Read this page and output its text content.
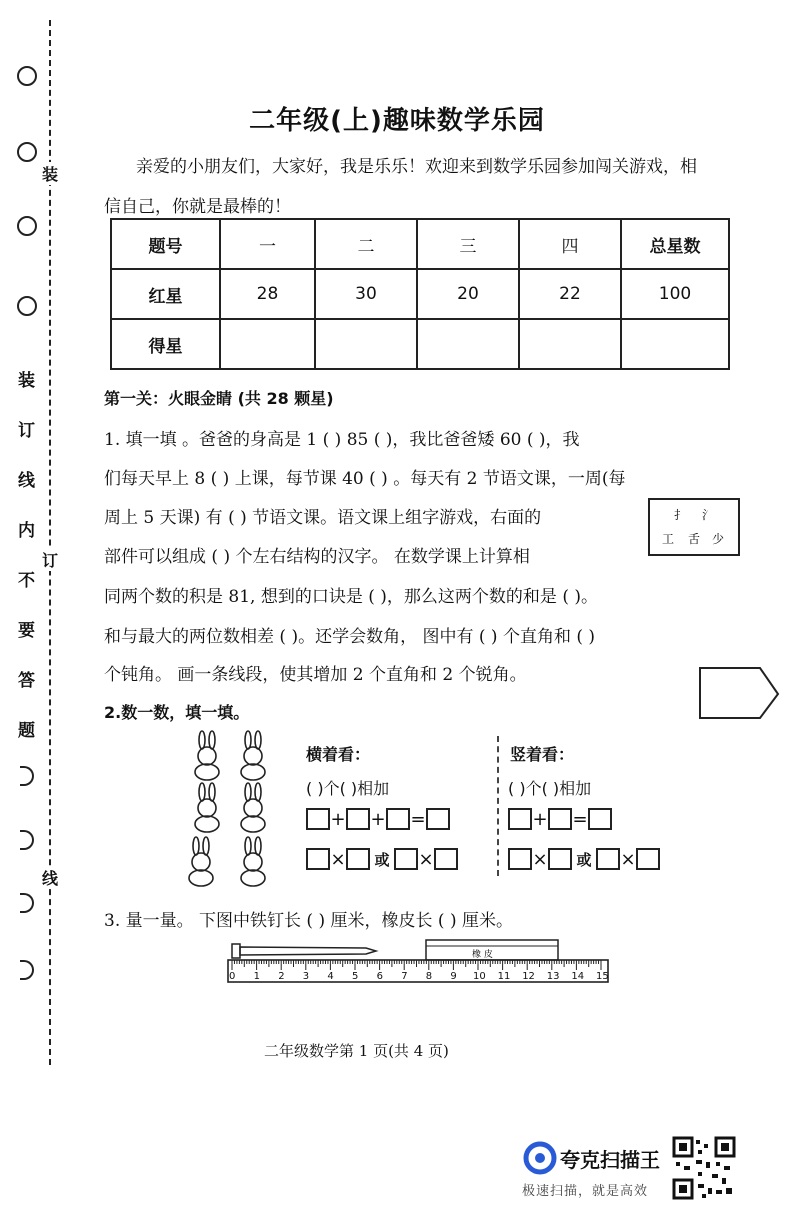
装
订
线
内
不
要
答
题
装
订
线
二年级(上)趣味数学乐园
亲爱的小朋友们，大家好，我是乐乐！欢迎来到数学乐园参加闯关游戏，相
信自己，你就是最棒的！
题号	一	二	三	四	总星数
红星	28	30	20	22	100
得星					
第一关：火眼金睛 (共 28 颗星)
1. 填一填 。爸爸的身高是 1 ( ) 85 ( )，我比爸爸矮 60 ( )，我
们每天早上 8 ( ) 上课，每节课 40 ( ) 。每天有 2 节语文课，一周(每
周上 5 天课) 有 ( ) 节语文课。语文课上组字游戏，右面的
部件可以组成 ( ) 个左右结构的汉字。 在数学课上计算相
同两个数的积是 81, 想到的口诀是 ( )，那么这两个数的和是 ( )。
和与最大的两位数相差 ( )。还学会数角， 图中有 ( ) 个直角和 ( )
个钝角。 画一条线段，使其增加 2 个直角和 2 个锐角。
扌 氵
工 舌 少
2.数一数，填一填。
横着看：	竖着看：
( )个( )相加	( )个( )相加
+ + =	+ =
× 或 ×	× 或 ×
3. 量一量。 下图中铁钉长 ( ) 厘米，橡皮长 ( ) 厘米。
橡 皮
0 1 2 3 4 5 6 7 8 9 10 11 12 13 14 15
二年级数学第 1 页(共 4 页)
夸克扫描王
极速扫描，就是高效
